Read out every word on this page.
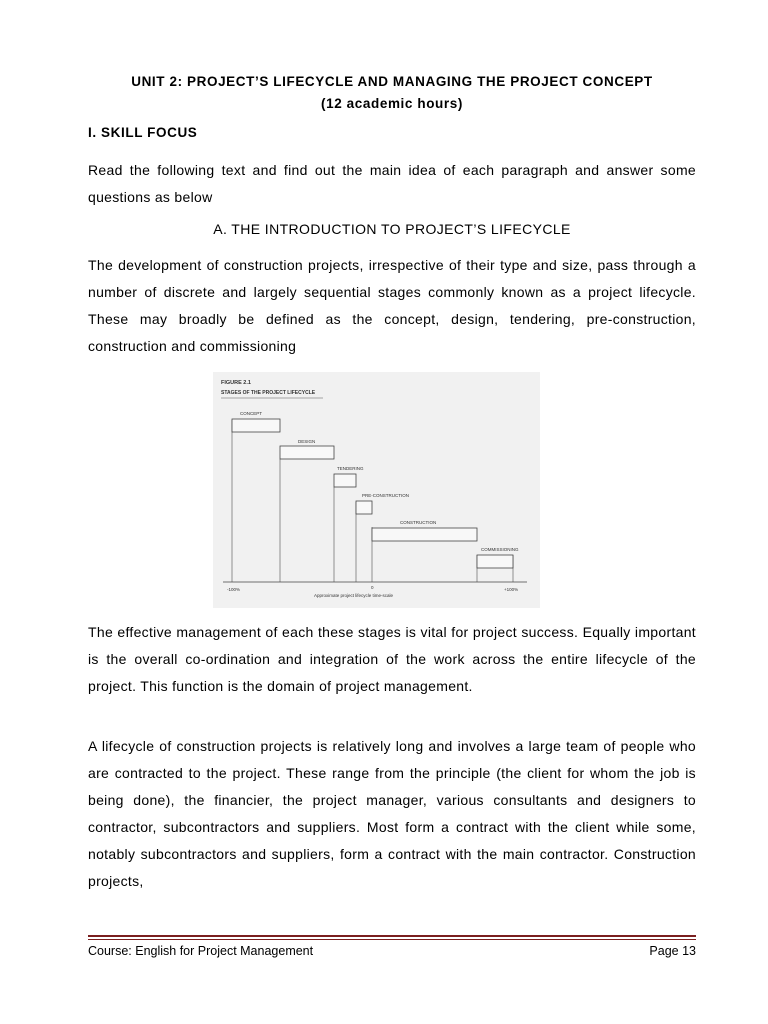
UNIT 2: PROJECT’S LIFECYCLE AND MANAGING THE PROJECT CONCEPT
(12 academic hours)
I. SKILL FOCUS
Read the following text and find out the main idea of each paragraph and answer some questions as below
A. THE INTRODUCTION TO PROJECT’S LIFECYCLE
The development of construction projects, irrespective of their type and size, pass through a number of discrete and largely sequential stages commonly known as a project lifecycle. These may broadly be defined as the concept, design, tendering, pre-construction, construction and commissioning
FIGURE 2.1
STAGES OF THE PROJECT LIFECYCLE
CONCEPT
DESIGN
TENDERING
PRE-CONSTRUCTION
CONSTRUCTION
COMMISSIONING
-100%	0	+100%
Approximate project lifecycle time-scale
The effective management of each these stages is vital for project success. Equally important is the overall co-ordination and integration of the work across the entire lifecycle of the project. This function is the domain of project management.
A lifecycle of construction projects is relatively long and involves a large team of people who are contracted to the project. These range from the principle (the client for whom the job is being done), the financier, the project manager, various consultants and designers to contractor, subcontractors and suppliers. Most form a contract with the client while some, notably subcontractors and suppliers, form a contract with the main contractor. Construction projects,
Course: English for Project Management	Page 13
